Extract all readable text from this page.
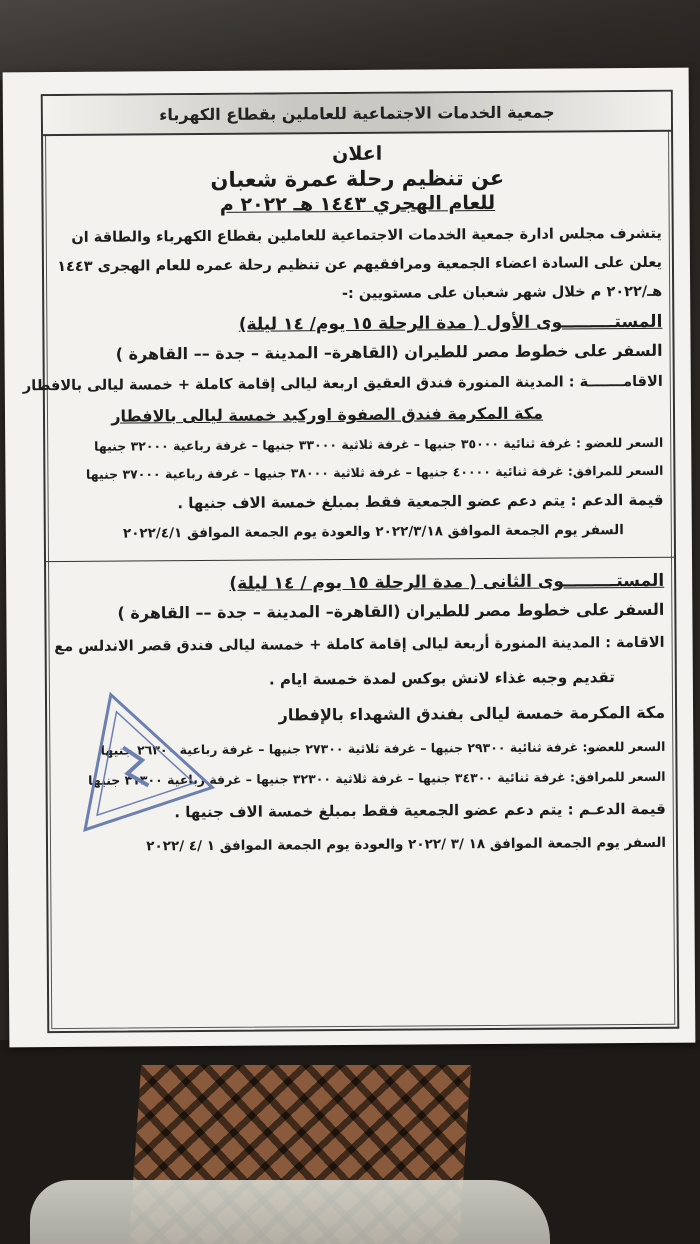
جمعية الخدمات الاجتماعية للعاملين بقطاع الكهرباء
اعلان
عن تنظيم رحلة عمرة شعبان
للعام الهجري ١٤٤٣ هـ ٢٠٢٢ م
يتشرف مجلس ادارة جمعية الخدمات الاجتماعية للعاملين بقطاع الكهرباء والطاقة ان يعلن على السادة اعضاء الجمعية ومرافقيهم عن تنظيم رحلة عمره للعام الهجرى ١٤٤٣ هـ/٢٠٢٢ م خلال شهر شعبان على مستويين :-
المستـــــــــوى الأول ( مدة الرحلة ١٥ يوم/ ١٤ ليلة)
السفر على خطوط مصر للطيران (القاهرة– المدينة – جدة –– القاهرة )
الاقامـــــــة : المدينة المنورة فندق العقيق اربعة ليالى إقامة كاملة + خمسة ليالى بالافطار
مكة المكرمة فندق الصفوة اوركيد خمسة ليالى بالافطار
السعر للعضو : غرفة ثنائية ٣٥٠٠٠ جنيها – غرفة ثلاثية ٣٣٠٠٠ جنيها – غرفة رباعية ٣٢٠٠٠ جنيها
السعر للمرافق: غرفة ثنائية ٤٠٠٠٠ جنيها – غرفة ثلاثية ٣٨٠٠٠ جنيها – غرفة رباعية ٣٧٠٠٠ جنيها
قيمة الدعم : يتم دعم عضو الجمعية فقط بمبلغ خمسة الاف جنيها .
السفر يوم الجمعة الموافق ٢٠٢٢/٣/١٨ والعودة يوم الجمعة الموافق ٢٠٢٢/٤/١
المستـــــــــوى الثانى ( مدة الرحلة ١٥ يوم / ١٤ ليلة)
السفر على خطوط مصر للطيران (القاهرة– المدينة – جدة –– القاهرة )
الاقامة : المدينة المنورة أربعة ليالى إقامة كاملة + خمسة ليالى فندق قصر الاندلس مع
تقديم وجبه غذاء لانش بوكس لمدة خمسة ايام .
مكة المكرمة خمسة ليالى بفندق الشهداء بالإفطار
السعر للعضو: غرفة ثنائية ٢٩٣٠٠ جنيها – غرفة ثلاثية ٢٧٣٠٠ جنيها – غرفة رباعية ٢٦٣٠٠ جنيها
السعر للمرافق: غرفة ثنائية ٣٤٣٠٠ جنيها – غرفة ثلاثية ٣٢٣٠٠ جنيها – غرفة رباعية ٣١٣٠٠ جنيها
قيمة الدعـم : يتم دعم عضو الجمعية فقط بمبلغ خمسة الاف جنيها .
السفر يوم الجمعة الموافق ١٨ /٣ /٢٠٢٢ والعودة يوم الجمعة الموافق ١ /٤ /٢٠٢٢
